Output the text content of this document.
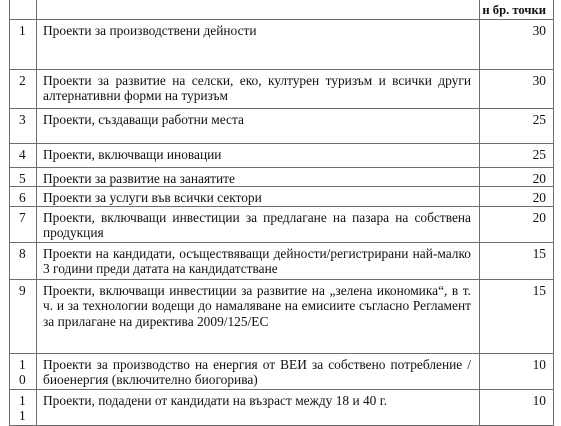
		н бр. точки
1	Проекти за производствени дейности	30
2	Проекти за развитие на селски, еко, културен туризъм и всички други алтернативни форми на туризъм	30
3	Проекти, създаващи работни места	25
4	Проекти, включващи иновации	25
5	Проекти за развитие на занаятите	20
6	Проекти за услуги във всички сектори	20
7	Проекти, включващи инвестиции за предлагане на пазара на собствена продукция	20
8	Проекти на кандидати, осъществяващи дейности/регистрирани най-малко 3 години преди датата на кандидатстване	15
9	Проекти, включващи инвестиции за развитие на „зелена икономика“, в т. ч. и за технологии водещи до намаляване на емисиите съгласно Регламент за прилагане на директива 2009/125/ЕС	15

10	Проекти за производство на енергия от ВЕИ за собствено потребление / биоенергия (включително биогорива)	10

11	Проекти, подадени от кандидати на възраст между 18 и 40 г.	10
